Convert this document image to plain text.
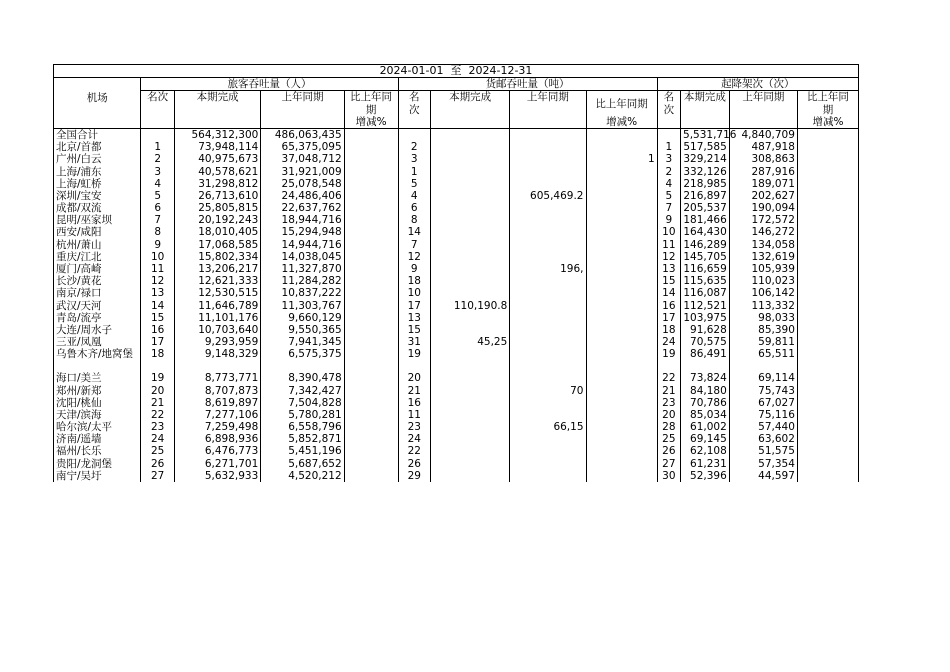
2024-01-01 至 2024-12-31												
机场	旅客吞吐量（人）				货邮吞吐量（吨）				起降架次（次）			
	名次	本期完成	上年同期	比上年同	名	本期完成	上年同期	比上年同期	名	本期完成	上年同期	比上年同
				期	次				次			期
				增减%				增减%				增减%
全国合计		564,312,300	486,063,435							5,531,716	4,840,709	
北京/首都	1	73,948,114	65,375,095		2				1	517,585	487,918	
广州/白云	2	40,975,673	37,048,712		3			1	3	329,214	308,863	
上海/浦东	3	40,578,621	31,921,009		1				2	332,126	287,916	
上海/虹桥	4	31,298,812	25,078,548		5				4	218,985	189,071	
深圳/宝安	5	26,713,610	24,486,406		4		605,469.2		5	216,897	202,627	
成都/双流	6	25,805,815	22,637,762		6				7	205,537	190,094	
昆明/巫家坝	7	20,192,243	18,944,716		8				9	181,466	172,572	
西安/咸阳	8	18,010,405	15,294,948		14				10	164,430	146,272	
杭州/萧山	9	17,068,585	14,944,716		7				11	146,289	134,058	
重庆/江北	10	15,802,334	14,038,045		12				12	145,705	132,619	
厦门/高崎	11	13,206,217	11,327,870		9		196,		13	116,659	105,939	
长沙/黄花	12	12,621,333	11,284,282		18				15	115,635	110,023	
南京/禄口	13	12,530,515	10,837,222		10				14	116,087	106,142	
武汉/天河	14	11,646,789	11,303,767		17	110,190.8			16	112,521	113,332	
青岛/流亭	15	11,101,176	9,660,129		13				17	103,975	98,033	
大连/周水子	16	10,703,640	9,550,365		15				18	91,628	85,390	
三亚/凤凰	17	9,293,959	7,941,345		31	45,25			24	70,575	59,811	
乌鲁木齐/地窝堡	18	9,148,329	6,575,375		19				19	86,491	65,511	
海口/美兰	19	8,773,771	8,390,478		20				22	73,824	69,114	
郑州/新郑	20	8,707,873	7,342,427		21		70		21	84,180	75,743	
沈阳/桃仙	21	8,619,897	7,504,828		16				23	70,786	67,027	
天津/滨海	22	7,277,106	5,780,281		11				20	85,034	75,116	
哈尔滨/太平	23	7,259,498	6,558,796		23		66,15		28	61,002	57,440	
济南/遥墙	24	6,898,936	5,852,871		24				25	69,145	63,602	
福州/长乐	25	6,476,773	5,451,196		22				26	62,108	51,575	
贵阳/龙洞堡	26	6,271,701	5,687,652		26				27	61,231	57,354	
南宁/吴圩	27	5,632,933	4,520,212		29				30	52,396	44,597	
